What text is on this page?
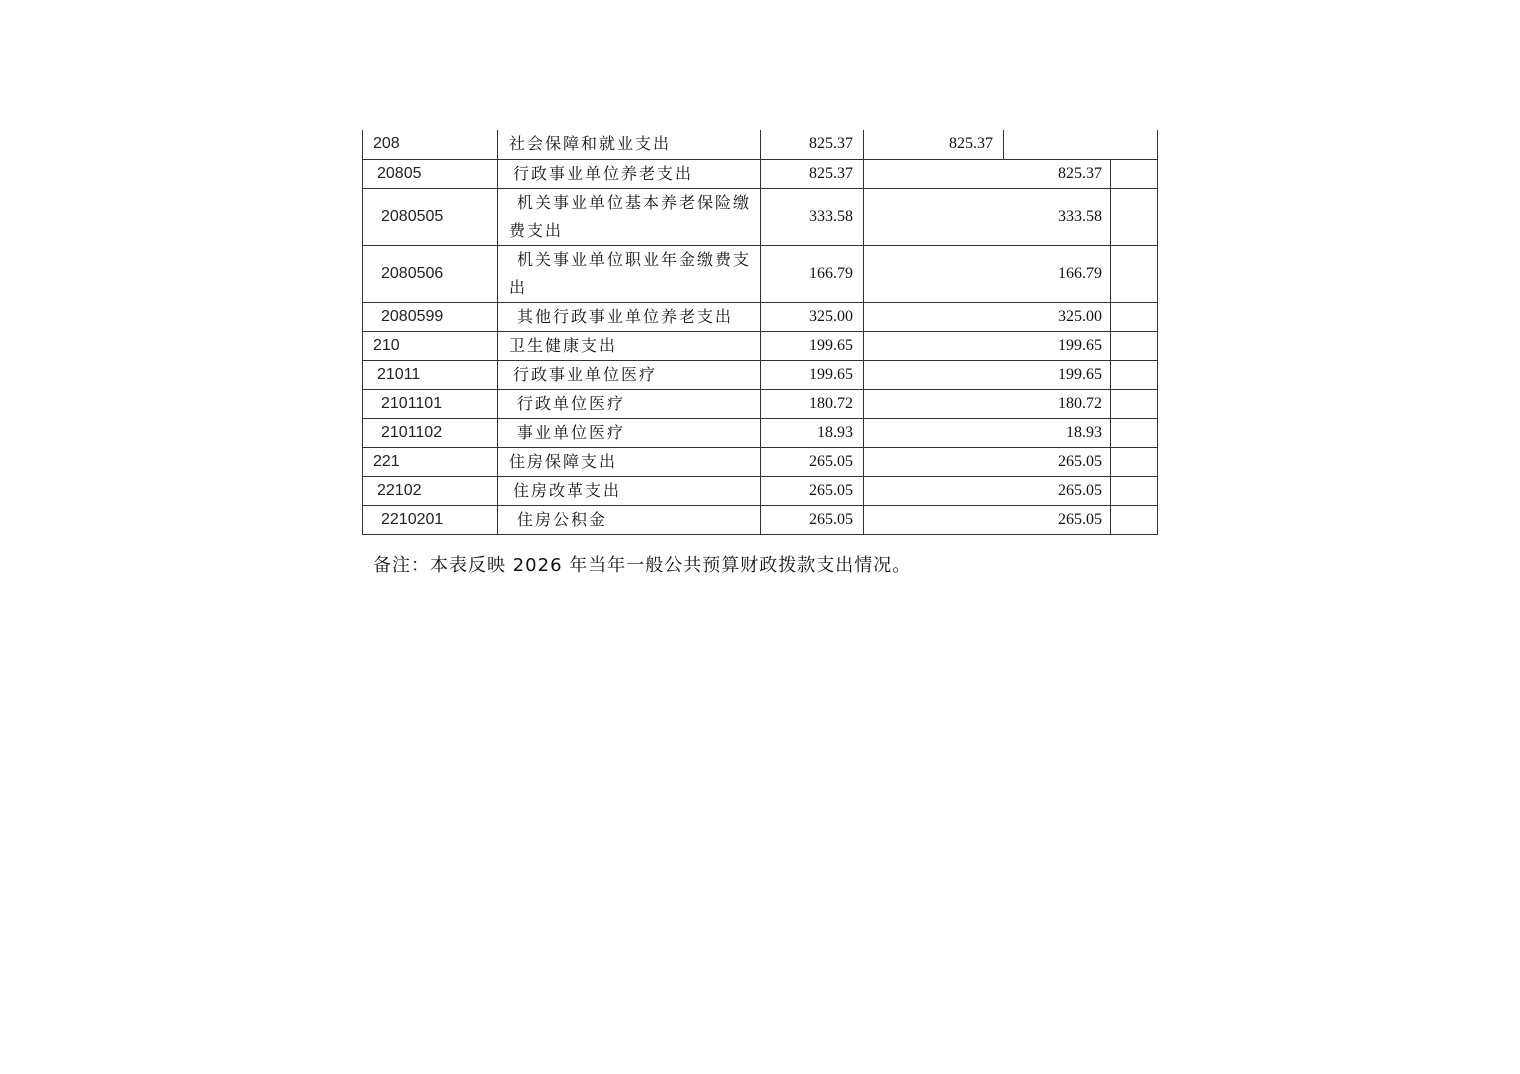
208	社会保障和就业支出	825.37	825.37		
20805	行政事业单位养老支出	825.37	825.37		
2080505	机关事业单位基本养老保险缴费支出	333.58	333.58		
2080506	机关事业单位职业年金缴费支出	166.79	166.79		
2080599	其他行政事业单位养老支出	325.00	325.00		
210	卫生健康支出	199.65	199.65		
21011	行政事业单位医疗	199.65	199.65		
2101101	行政单位医疗	180.72	180.72		
2101102	事业单位医疗	18.93	18.93		
221	住房保障支出	265.05	265.05		
22102	住房改革支出	265.05	265.05		
2210201	住房公积金	265.05	265.05		
备注：本表反映 2026 年当年一般公共预算财政拨款支出情况。
